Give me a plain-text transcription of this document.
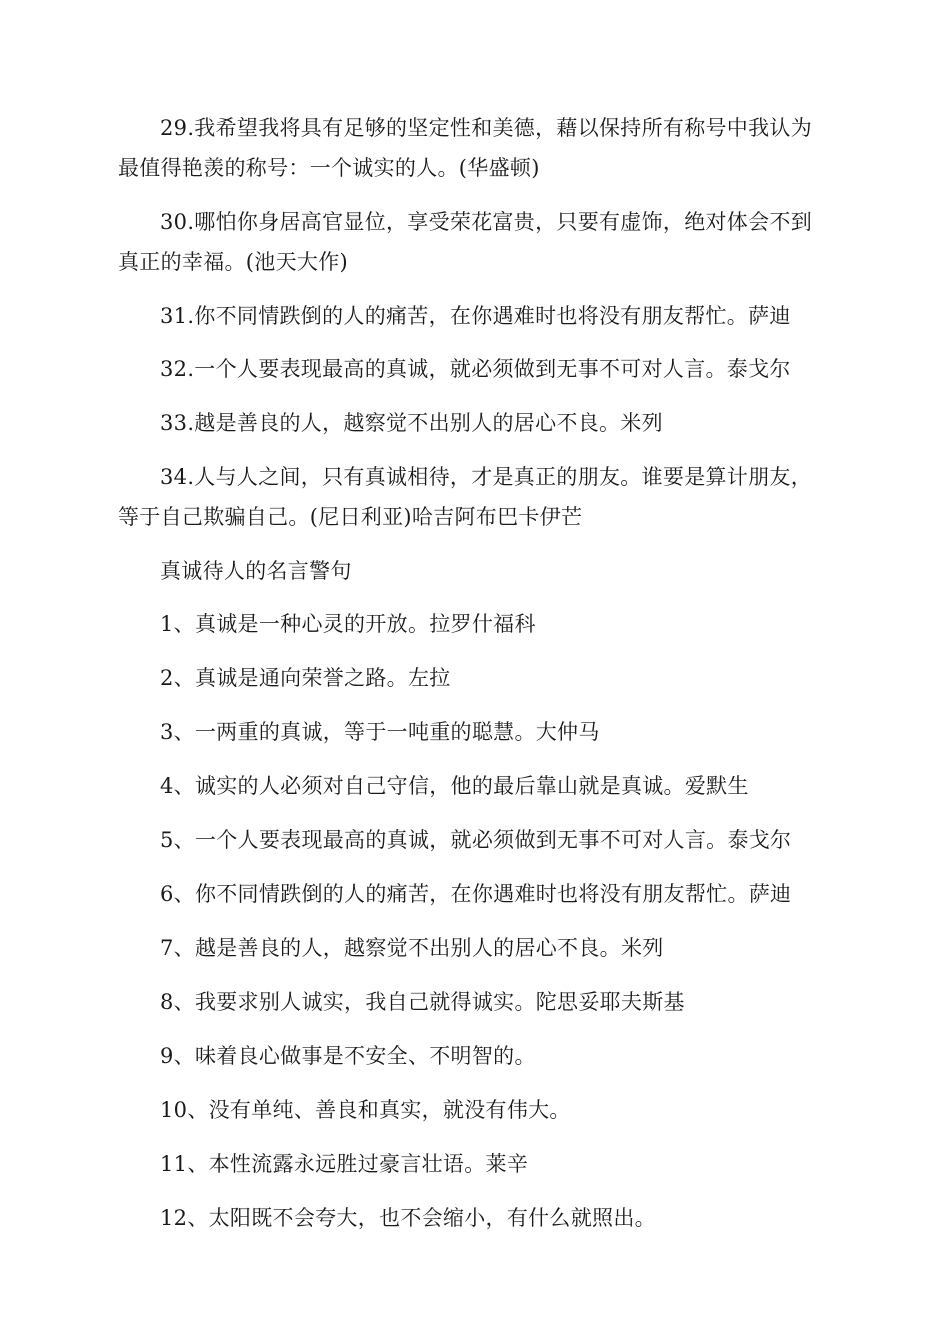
29.我希望我将具有足够的坚定性和美德，藉以保持所有称号中我认为最值得艳羡的称号：一个诚实的人。(华盛顿)

30.哪怕你身居高官显位，享受荣花富贵，只要有虚饰，绝对体会不到真正的幸福。(池天大作)

31.你不同情跌倒的人的痛苦，在你遇难时也将没有朋友帮忙。萨迪

32.一个人要表现最高的真诚，就必须做到无事不可对人言。泰戈尔

33.越是善良的人，越察觉不出别人的居心不良。米列

34.人与人之间，只有真诚相待，才是真正的朋友。谁要是算计朋友，等于自己欺骗自己。(尼日利亚)哈吉阿布巴卡伊芒

真诚待人的名言警句

1、真诚是一种心灵的开放。拉罗什福科

2、真诚是通向荣誉之路。左拉

3、一两重的真诚，等于一吨重的聪慧。大仲马

4、诚实的人必须对自己守信，他的最后靠山就是真诚。爱默生

5、一个人要表现最高的真诚，就必须做到无事不可对人言。泰戈尔

6、你不同情跌倒的人的痛苦，在你遇难时也将没有朋友帮忙。萨迪

7、越是善良的人，越察觉不出别人的居心不良。米列

8、我要求别人诚实，我自己就得诚实。陀思妥耶夫斯基

9、味着良心做事是不安全、不明智的。

10、没有单纯、善良和真实，就没有伟大。

11、本性流露永远胜过豪言壮语。莱辛

12、太阳既不会夸大，也不会缩小，有什么就照出。
